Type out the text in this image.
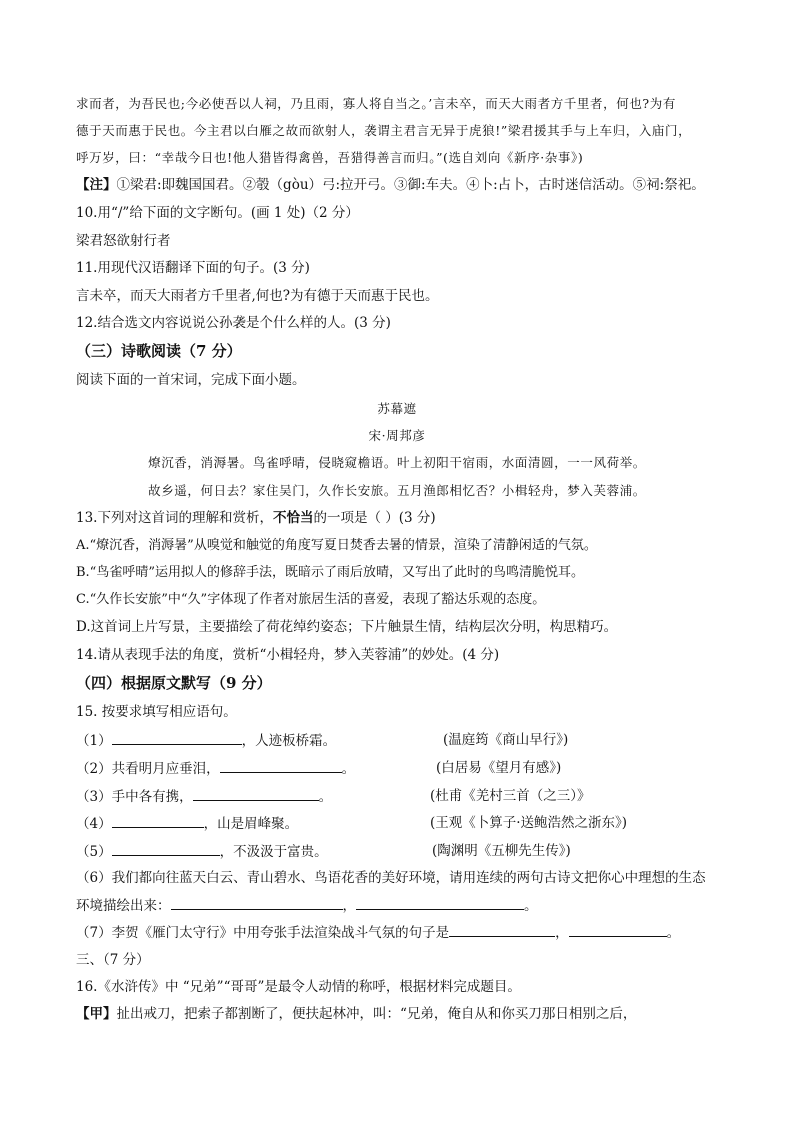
求而者，为吾民也;今必使吾以人祠，乃且雨，寡人将自当之。’言未卒，而天大雨者方千里者，何也?为有
德于天而惠于民也。今主君以白雁之故而欲射人，袭谓主君言无异于虎狼!”梁君援其手与上车归，入庙门，
呼万岁，曰：“幸哉今日也!他人猎皆得禽兽，吾猎得善言而归。”(选自刘向《新序·杂事》)
【注】①梁君:即魏国国君。②彀（gòu）弓:拉开弓。③御:车夫。④卜:占卜，古时迷信活动。⑤祠:祭祀。
10.用“/”给下面的文字断句。(画 1 处)（2 分）
梁君怒欲射行者
11.用现代汉语翻译下面的句子。(3 分)
言未卒，而天大雨者方千里者,何也?为有德于天而惠于民也。
12.结合选文内容说说公孙袭是个什么样的人。(3 分)
（三）诗歌阅读（7 分）
阅读下面的一首宋词，完成下面小题。
苏幕遮
宋·周邦彦
燎沉香，消溽暑。鸟雀呼晴，侵晓窥檐语。叶上初阳干宿雨，水面清圆，一一风荷举。
故乡遥，何日去？家住吴门，久作长安旅。五月渔郎相忆否？小楫轻舟，梦入芙蓉浦。
13.下列对这首词的理解和赏析，不恰当的一项是（ ）(3 分)
A.“燎沉香，消溽暑”从嗅觉和触觉的角度写夏日焚香去暑的情景，渲染了清静闲适的气氛。
B.“鸟雀呼晴”运用拟人的修辞手法，既暗示了雨后放晴，又写出了此时的鸟鸣清脆悦耳。
C.“久作长安旅”中“久”字体现了作者对旅居生活的喜爱，表现了豁达乐观的态度。
D.这首词上片写景，主要描绘了荷花绰约姿态；下片触景生情，结构层次分明，构思精巧。
14.请从表现手法的角度，赏析“小楫轻舟，梦入芙蓉浦”的妙处。(4 分)
（四）根据原文默写（9 分）
15. 按要求填写相应语句。
（1）	，人迹板桥霜。	(温庭筠《商山早行》)
（2）共看明月应垂泪，	。	(白居易《望月有感》)
（3）手中各有携，	。	(杜甫《羌村三首（之三）》
（4）	，山是眉峰聚。	(王观《卜算子·送鲍浩然之浙东》)
（5）	，不汲汲于富贵。	(陶渊明《五柳先生传》)
（6）我们都向往蓝天白云、青山碧水、鸟语花香的美好环境，请用连续的两句古诗文把你心中理想的生态
环境描绘出来：	，	。
（7）李贺《雁门太守行》中用夸张手法渲染战斗气氛的句子是	，	。
三、（7 分）
16.《水浒传》中 “兄弟”“哥哥”是最令人动情的称呼，根据材料完成题目。
【甲】扯出戒刀，把索子都割断了，便扶起林冲，叫：“兄弟，俺自从和你买刀那日相别之后，
